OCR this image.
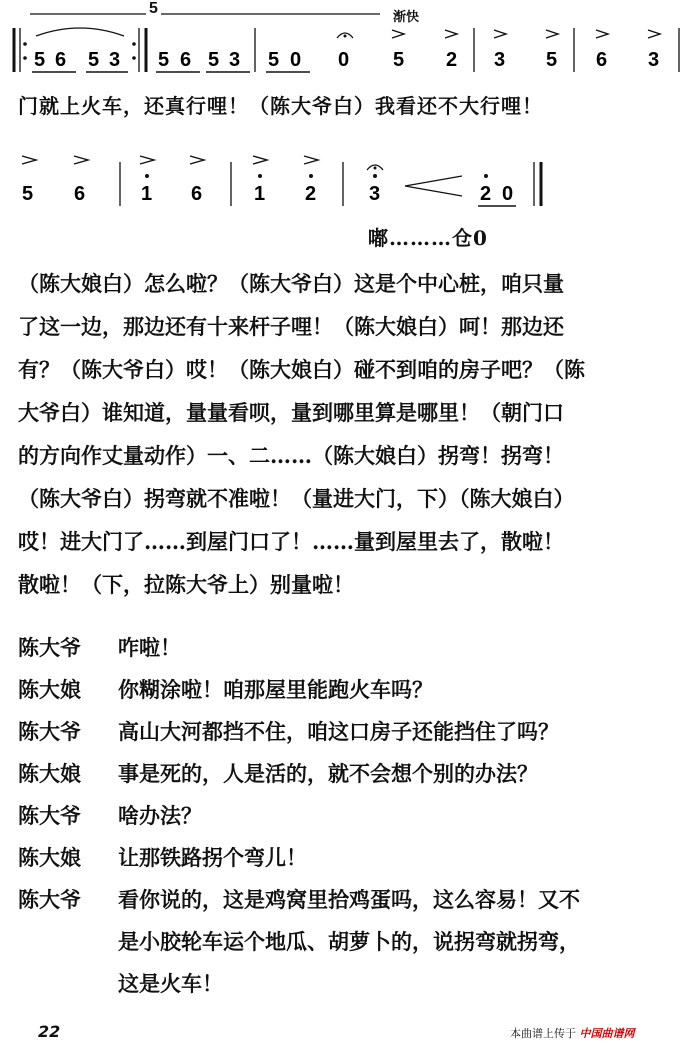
5 6 5 3 5 6 5 3 5 0 0 5 2 3 5 6 3
5 6	1 6	1 2	3	2 0
渐快
5
门就上火车，还真行哩！（陈大爷白）我看还不大行哩！
嘟………仓0

（陈大娘白）怎么啦？（陈大爷白）这是个中心桩，咱只量

了这一边，那边还有十来杆子哩！（陈大娘白）呵！那边还

有？（陈大爷白）哎！（陈大娘白）碰不到咱的房子吧？（陈

大爷白）谁知道，量量看呗，量到哪里算是哪里！（朝门口

的方向作丈量动作）一、二……（陈大娘白）拐弯！拐弯！

（陈大爷白）拐弯就不准啦！（量进大门，下）（陈大娘白）

哎！进大门了……到屋门口了！……量到屋里去了，散啦！

散啦！（下，拉陈大爷上）别量啦！

陈大爷 咋啦！
陈大娘 你糊涂啦！咱那屋里能跑火车吗？
陈大爷 高山大河都挡不住，咱这口房子还能挡住了吗？
陈大娘 事是死的，人是活的，就不会想个别的办法？
陈大爷 啥办法？
陈大娘 让那铁路拐个弯儿！
陈大爷 看你说的，这是鸡窝里拾鸡蛋吗，这么容易！又不
是小胶轮车运个地瓜、胡萝卜的，说拐弯就拐弯，
这是火车！
22	本曲谱上传于 中国曲谱网
